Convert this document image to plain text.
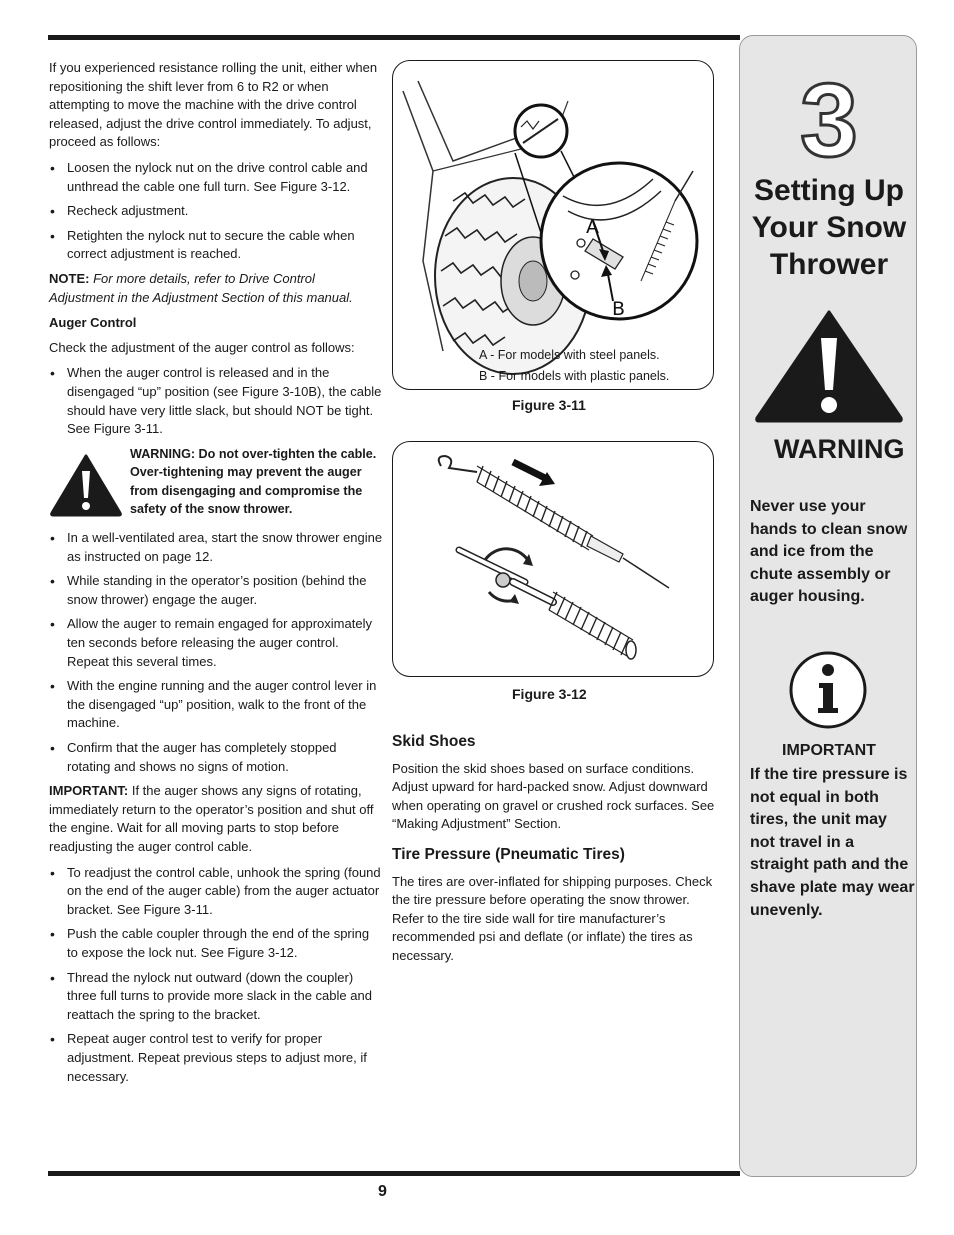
If you experienced resistance rolling the unit, either when repositioning the shift lever from 6 to R2 or when attempting to move the machine with the drive control released, adjust the drive control immediately. To adjust, proceed as follows:

• Loosen the nylock nut on the drive control cable and unthread the cable one full turn. See Figure 3-12.
• Recheck adjustment.
• Retighten the nylock nut to secure the cable when correct adjustment is reached.

NOTE: For more details, refer to Drive Control Adjustment in the Adjustment Section of this manual.

Auger Control

Check the adjustment of the auger control as follows:

• When the auger control is released and in the disengaged “up” position (see Figure 3-10B), the cable should have very little slack, but should NOT be tight. See Figure 3-11.
WARNING: Do not over-tighten the cable. Over-tightening may prevent the auger from disengaging and compromise the safety of the snow thrower.
• In a well-ventilated area, start the snow thrower engine as instructed on page 12.
• While standing in the operator’s position (behind the snow thrower) engage the auger.
• Allow the auger to remain engaged for approximately ten seconds before releasing the auger control. Repeat this several times.
• With the engine running and the auger control lever in the disengaged “up” position, walk to the front of the machine.
• Confirm that the auger has completely stopped rotating and shows no signs of motion.

IMPORTANT: If the auger shows any signs of rotating, immediately return to the operator’s position and shut off the engine. Wait for all moving parts to stop before readjusting the auger control cable.

• To readjust the control cable, unhook the spring (found on the end of the auger cable) from the auger actuator bracket. See Figure 3-11.
• Push the cable coupler through the end of the spring to expose the lock nut. See Figure 3-12.
• Thread the nylock nut outward (down the coupler) three full turns to provide more slack in the cable and reattach the spring to the bracket.
• Repeat auger control test to verify for proper adjustment. Repeat previous steps to adjust more, if necessary.
A
B
A - For models with steel panels.
B - For models with plastic panels.
Figure 3-11
Figure 3-12
Skid Shoes

Position the skid shoes based on surface conditions. Adjust upward for hard-packed snow. Adjust downward when operating on gravel or crushed rock surfaces. See “Making Adjustment” Section.

Tire Pressure (Pneumatic Tires)

The tires are over-inflated for shipping purposes. Check the tire pressure before operating the snow thrower. Refer to the tire side wall for tire manufacturer’s recommended psi and deflate (or inflate) the tires as necessary.

3
Setting Up
Your Snow
Thrower
WARNING
Never use your hands to clean snow and ice from the chute assembly or auger housing.
IMPORTANT
If the tire pressure is not equal in both tires, the unit may not travel in a straight path and the shave plate may wear unevenly.
9
